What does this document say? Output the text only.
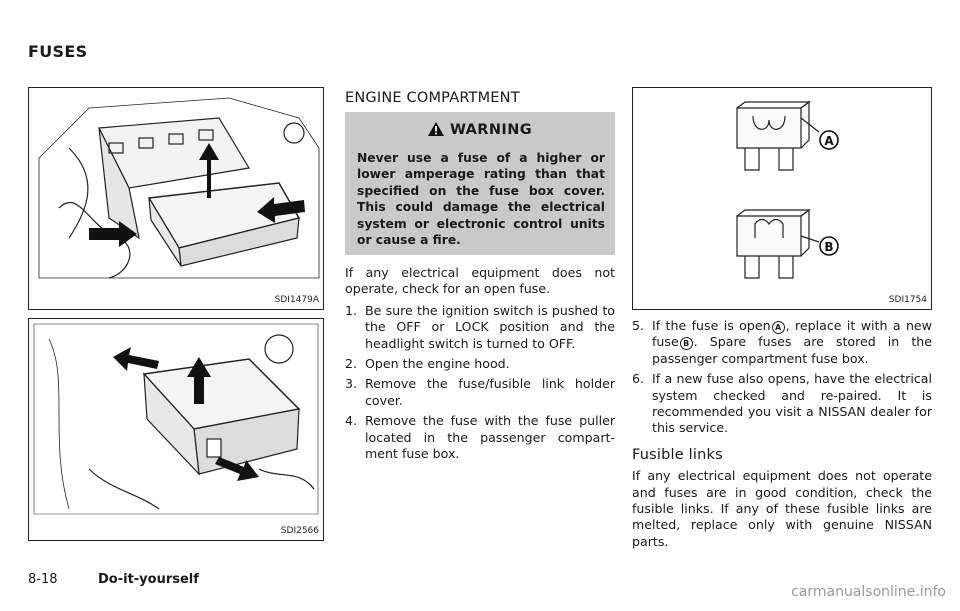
FUSES
SDI1479A
SDI2566
ENGINE COMPARTMENT
WARNING
Never use a fuse of a higher or lower amperage rating than that specified on the fuse box cover. This could damage the electrical system or electronic control units or cause a fire.
If any electrical equipment does not operate, check for an open fuse.
1. Be sure the ignition switch is pushed to the OFF or LOCK position and the headlight switch is turned to OFF.
2. Open the engine hood.
3. Remove the fuse/fusible link holder cover.
4. Remove the fuse with the fuse puller located in the passenger compart-ment fuse box.
A
B
SDI1754
5. If the fuse is open A , replace it with a new fuse B . Spare fuses are stored in the passenger compartment fuse box.
6. If a new fuse also opens, have the electrical system checked and re-paired. It is recommended you visit a NISSAN dealer for this service.
Fusible links
If any electrical equipment does not operate and fuses are in good condition, check the fusible links. If any of these fusible links are melted, replace only with genuine NISSAN parts.
8-18	Do-it-yourself
carmanualsonline.info
